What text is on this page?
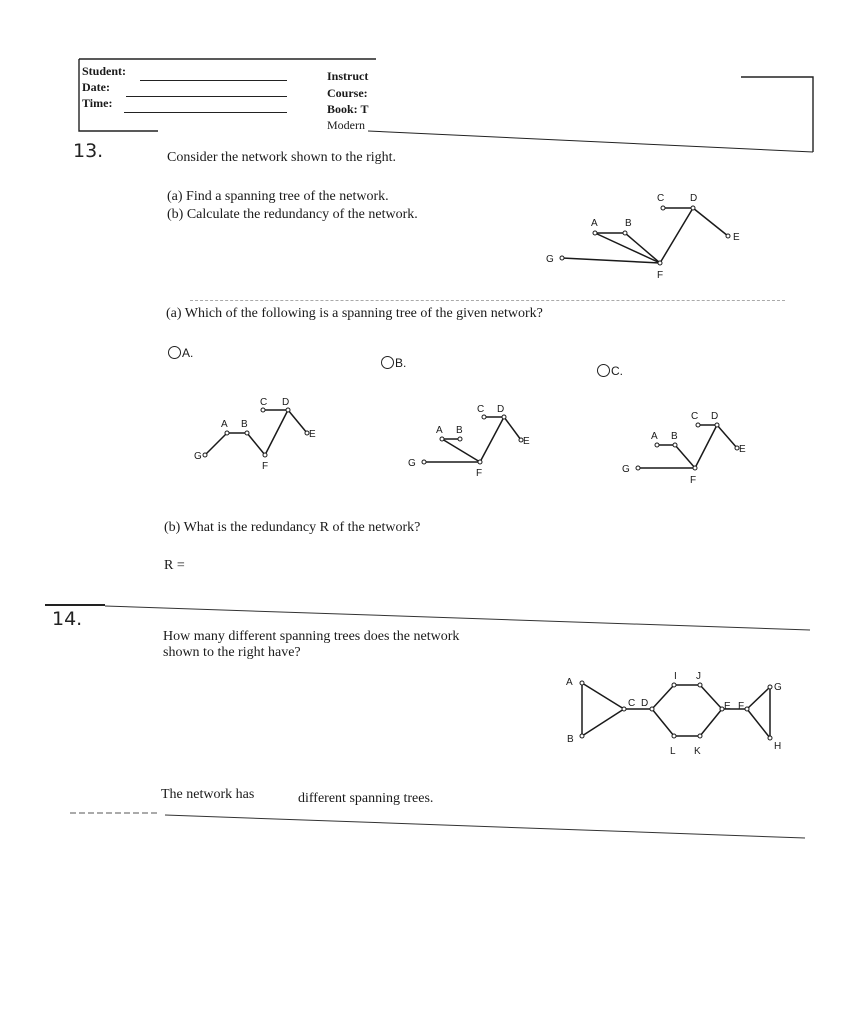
Student:
Date:
Time:
Instruct
Course:
Book: T
Modern
13.	Consider the network shown to the right.
(a) Find a spanning tree of the network.
(b) Calculate the redundancy of the network.
G
A	B
F
C	D
E
(a) Which of the following is a spanning tree of the given network?
A.
B.
C.
G
A B
F
C D
E
G
A B
F
C D
E
G
A B
F
C D
E
(b) What is the redundancy R of the network?
R =
14.
How many different spanning trees does the network
shown to the right have?
A
B
C D
I J
E F
G
H
L K
The network has	different spanning trees.
